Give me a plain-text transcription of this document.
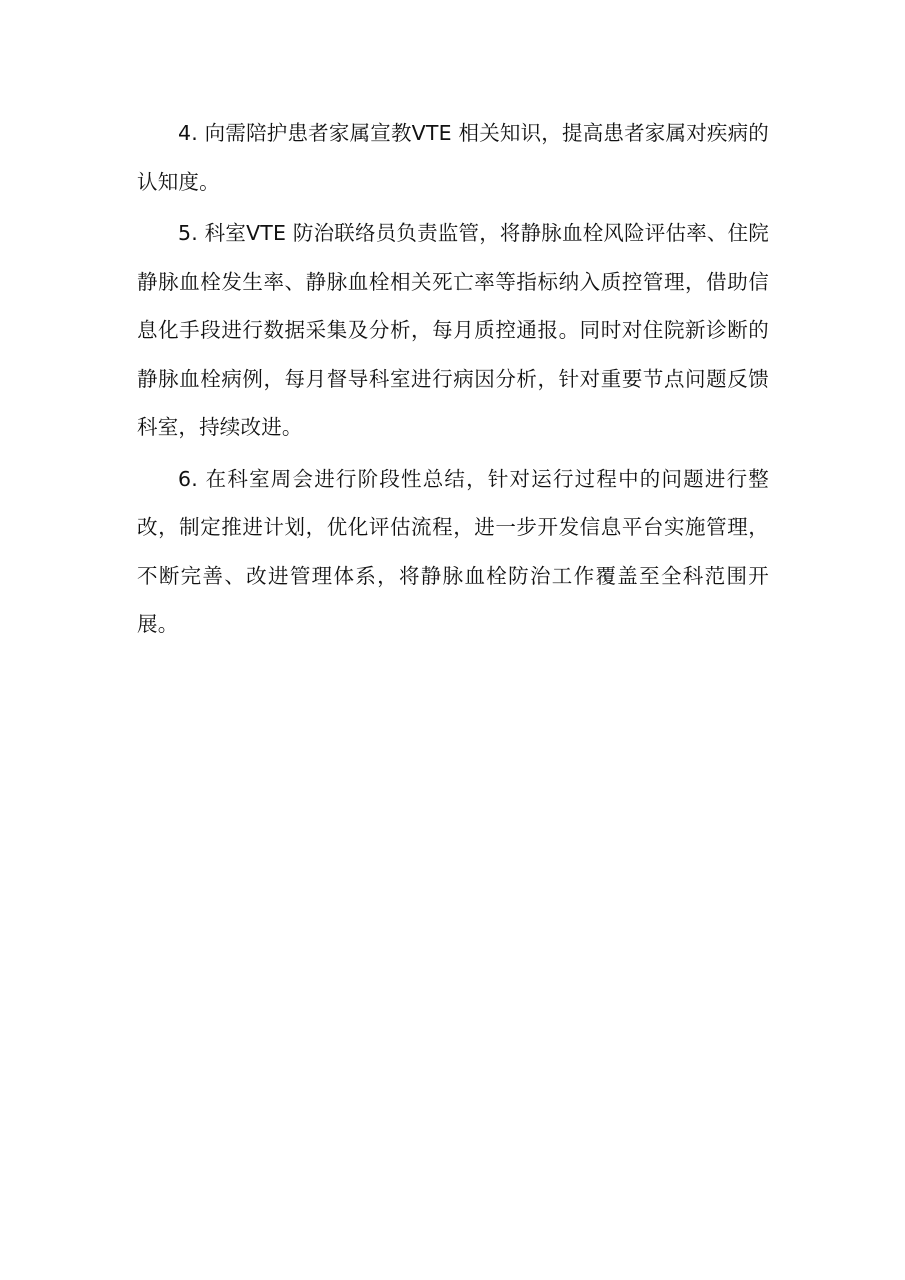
4. 向需陪护患者家属宣教VTE 相关知识，提高患者家属对疾病的认知度。

5. 科室VTE 防治联络员负责监管，将静脉血栓风险评估率、住院静脉血栓发生率、静脉血栓相关死亡率等指标纳入质控管理，借助信息化手段进行数据采集及分析，每月质控通报。同时对住院新诊断的静脉血栓病例，每月督导科室进行病因分析，针对重要节点问题反馈科室，持续改进。

6. 在科室周会进行阶段性总结，针对运行过程中的问题进行整改，制定推进计划，优化评估流程，进一步开发信息平台实施管理，不断完善、改进管理体系，将静脉血栓防治工作覆盖至全科范围开展。
